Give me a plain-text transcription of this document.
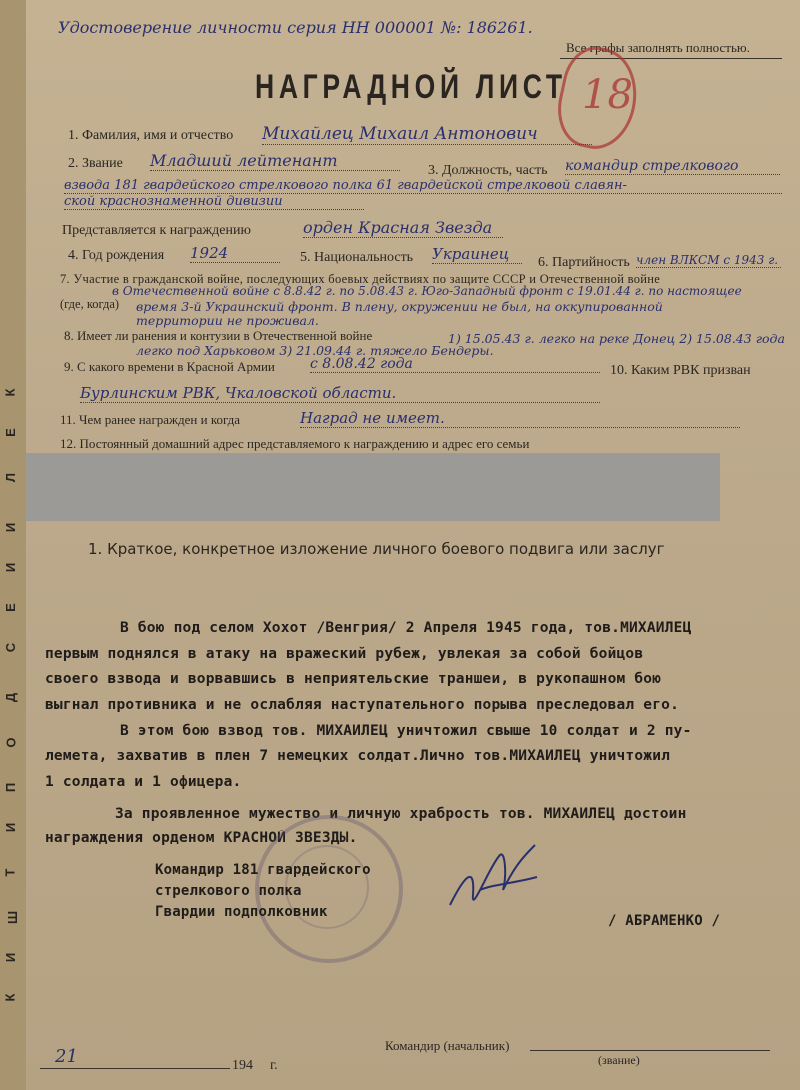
К
Е
Л
И
И
Е
С
Д
О
П
И
Т
Ш
И
К
Удостоверение личности серия НН 000001 №: 186261.
Все графы заполнять полностью.
НАГРАДНОЙ ЛИСТ 18
1. Фамилия, имя и отчество Михайлец Михаил Антонович
2. Звание Младший лейтенант
3. Должность, часть командир стрелкового
взвода 181 гвардейского стрелкового полка 61 гвардейской стрелковой славян-
ской краснознаменной дивизии
Представляется к награждению	орден Красная Звезда
4. Год рождения 1924	5. Национальность Украинец	6. Партийность член ВЛКСМ с 1943 г.
7. Участие в гражданской войне, последующих боевых действиях по защите СССР и Отечественной войне
(где, когда)
в Отечественной войне с 8.8.42 г. по 5.08.43 г. Юго-Западный фронт с 19.01.44 г. по настоящее
время 3-й Украинский фронт. В плену, окружении не был, на оккупированной
территории не проживал.
8. Имеет ли ранения и контузии в Отечественной войне	1) 15.05.43 г. легко на реке Донец 2) 15.08.43 года
легко под Харьковом 3) 21.09.44 г. тяжело Бендеры.
9. С какого времени в Красной Армии	с 8.08.42 года	10. Каким РВК призван
Бурлинским РВК, Чкаловской области.
11. Чем ранее награжден и когда	Наград не имеет.
12. Постоянный домашний адрес представляемого к награждению и адрес его семьи
1. Краткое, конкретное изложение личного боевого подвига или заслуг
В бою под селом Хохот /Венгрия/ 2 Апреля 1945 года, тов.МИХАИЛЕЦ
первым поднялся в атаку на вражеский рубеж, увлекая за собой бойцов
своего взвода и ворвавшись в неприятельские траншеи, в рукопашном бою
выгнал противника и не ослабляя наступательного порыва преследовал его.
В этом бою взвод тов. МИХАИЛЕЦ уничтожил свыше 10 солдат и 2 пу-
лемета, захватив в плен 7 немецких солдат.Лично тов.МИХАИЛЕЦ уничтожил
1 солдата и 1 офицера.
За проявленное мужество и личную храбрость тов. МИХАИЛЕЦ достоин
награждения орденом КРАСНОЙ ЗВЕЗДЫ.
Командир 181 гвардейского
стрелкового полка
Гвардии подполковник
/ АБРАМЕНКО /
21	194 г.
Командир (начальник)
(звание)
